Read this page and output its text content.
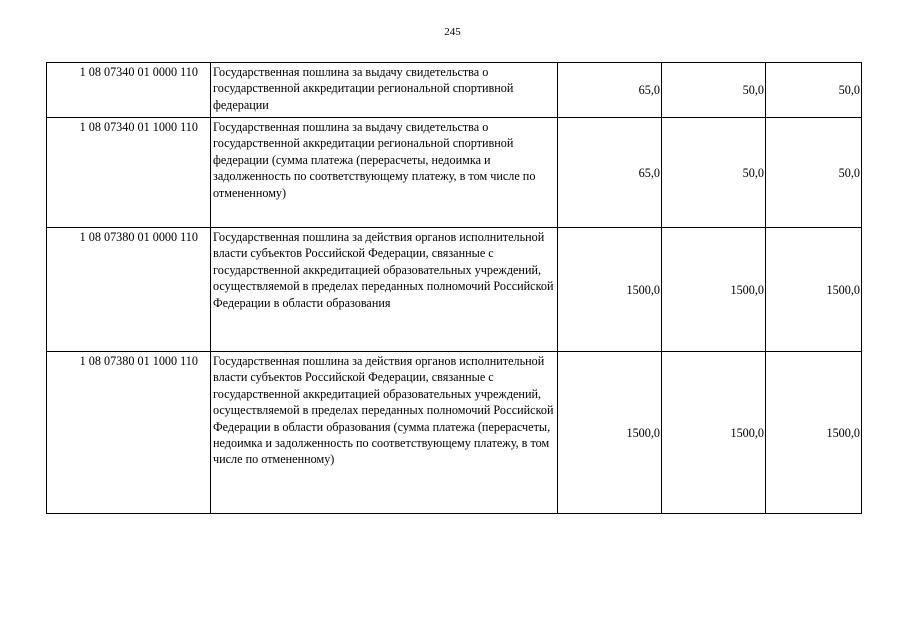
245
1 08 07340 01 0000 110	Государственная пошлина за выдачу свидетельства о государственной аккредитации региональной спортивной федерации	65,0	50,0	50,0
1 08 07340 01 1000 110	Государственная пошлина за выдачу свидетельства о государственной аккредитации региональной спортивной федерации (сумма платежа (перерасчеты, недоимка и задолженность по соответствующему платежу, в том числе по отмененному)	65,0	50,0	50,0
1 08 07380 01 0000 110	Государственная пошлина за действия органов исполнительной власти субъектов Российской Федерации, связанные с государственной аккредитацией образовательных учреждений, осуществляемой в пределах переданных полномочий Российской Федерации в области образования	1500,0	1500,0	1500,0
1 08 07380 01 1000 110	Государственная пошлина за действия органов исполнительной власти субъектов Российской Федерации, связанные с государственной аккредитацией образовательных учреждений, осуществляемой в пределах переданных полномочий Российской Федерации в области образования (сумма платежа (перерасчеты, недоимка и задолженность по соответствующему платежу, в том числе по отмененному)	1500,0	1500,0	1500,0
